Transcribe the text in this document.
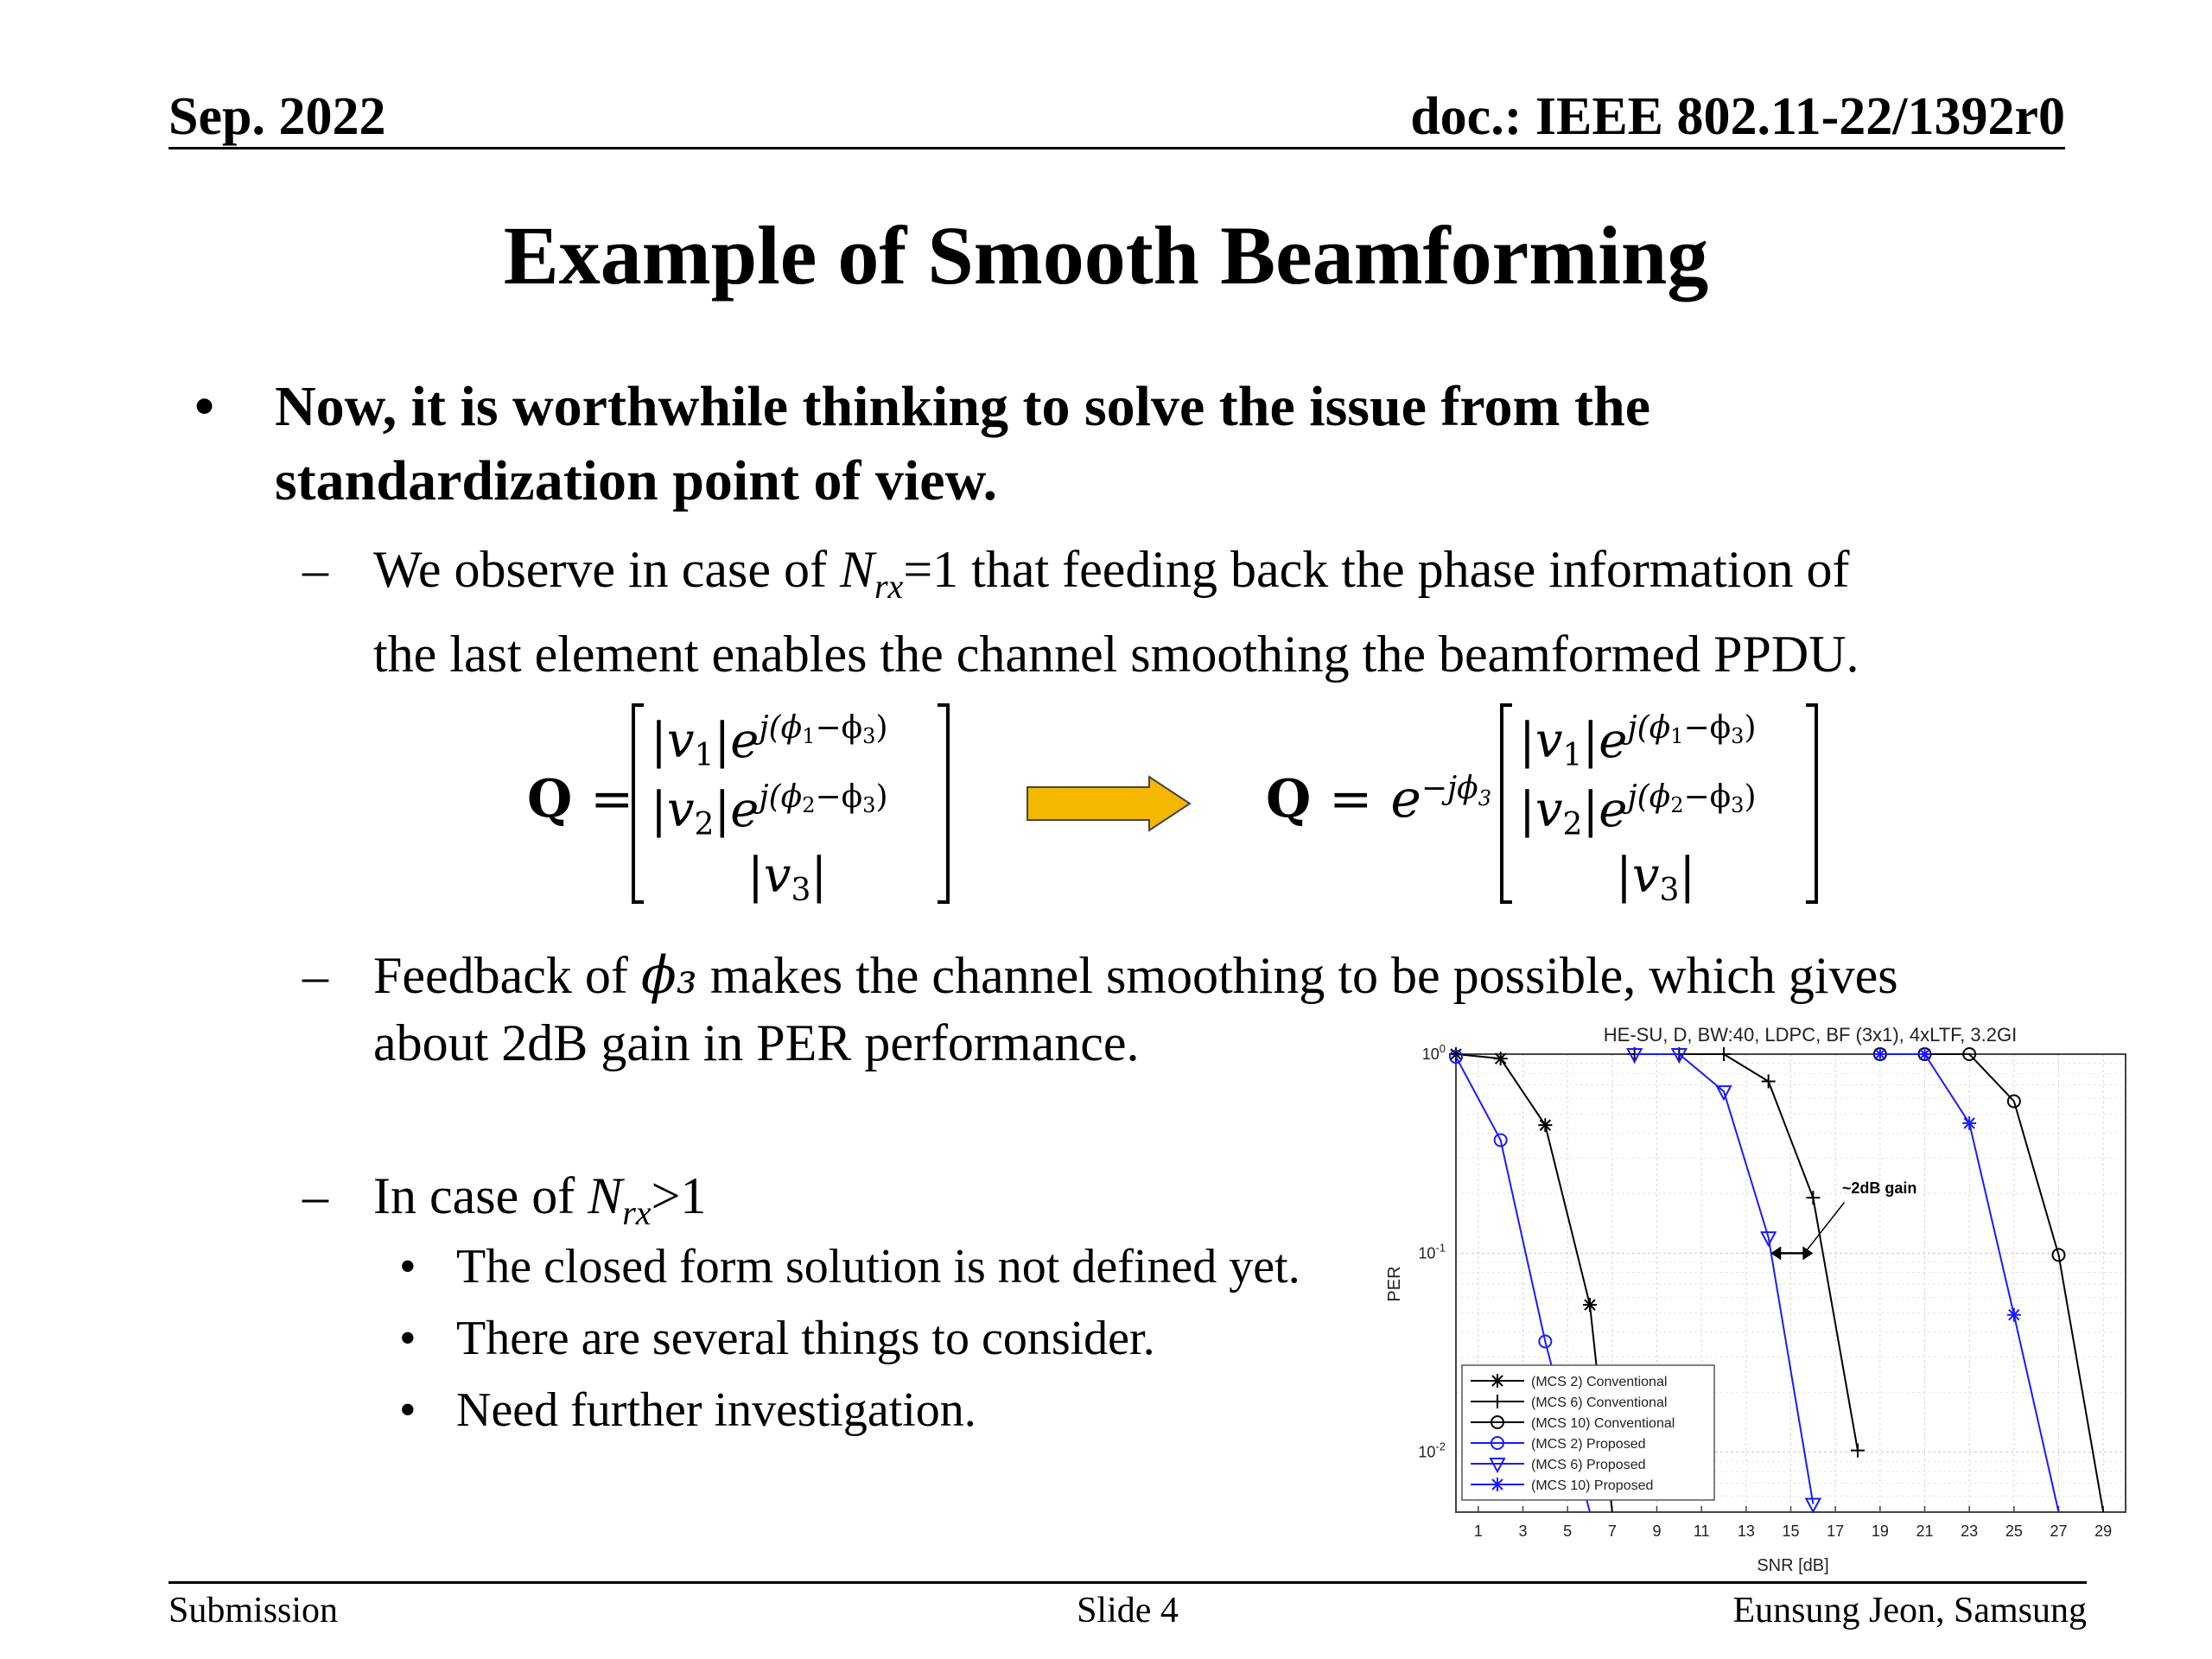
Sep. 2022	doc.: IEEE 802.11-22/1392r0
Example of Smooth Beamforming
• Now, it is worthwhile thinking to solve the issue from the
standardization point of view.
– We observe in case of $N_{rx}=1$ that feeding back the phase information of
the last element enables the channel smoothing the beamformed PPDU.
Q =
$|v1|e^{j(\phi}1-\phi 3$)
$|v2|e^{j(\phi}2-\phi 3$)
|v3|
$Q = e^{-j\phi_3}$
$|v1|e^{j(\phi}1-\phi 3$)
$|v2|e^{j(\phi}2-\phi 3$)
|v3|
– Feedback of ϕ₃ makes the channel smoothing to be possible, which gives
about 2dB gain in PER performance.
– In case of $N_{rx}>1$
• The closed form solution is not defined yet.
• There are several things to consider.
• Need further investigation.
HE-SU, D, BW:40, LDPC, BF (3x1), 4xLTF, 3.2GI
SNR [dB]
PER
1 3 5 7 9 11 13 15 17 19 21 23 25 27 29
$10^0$
$10^{-1}$
$10^{-2}$
~2dB gain
(MCS 2) Conventional
(MCS 6) Conventional
(MCS 10) Conventional
(MCS 2) Proposed
(MCS 6) Proposed
(MCS 10) Proposed
Submission	Slide 4	Eunsung Jeon, Samsung
